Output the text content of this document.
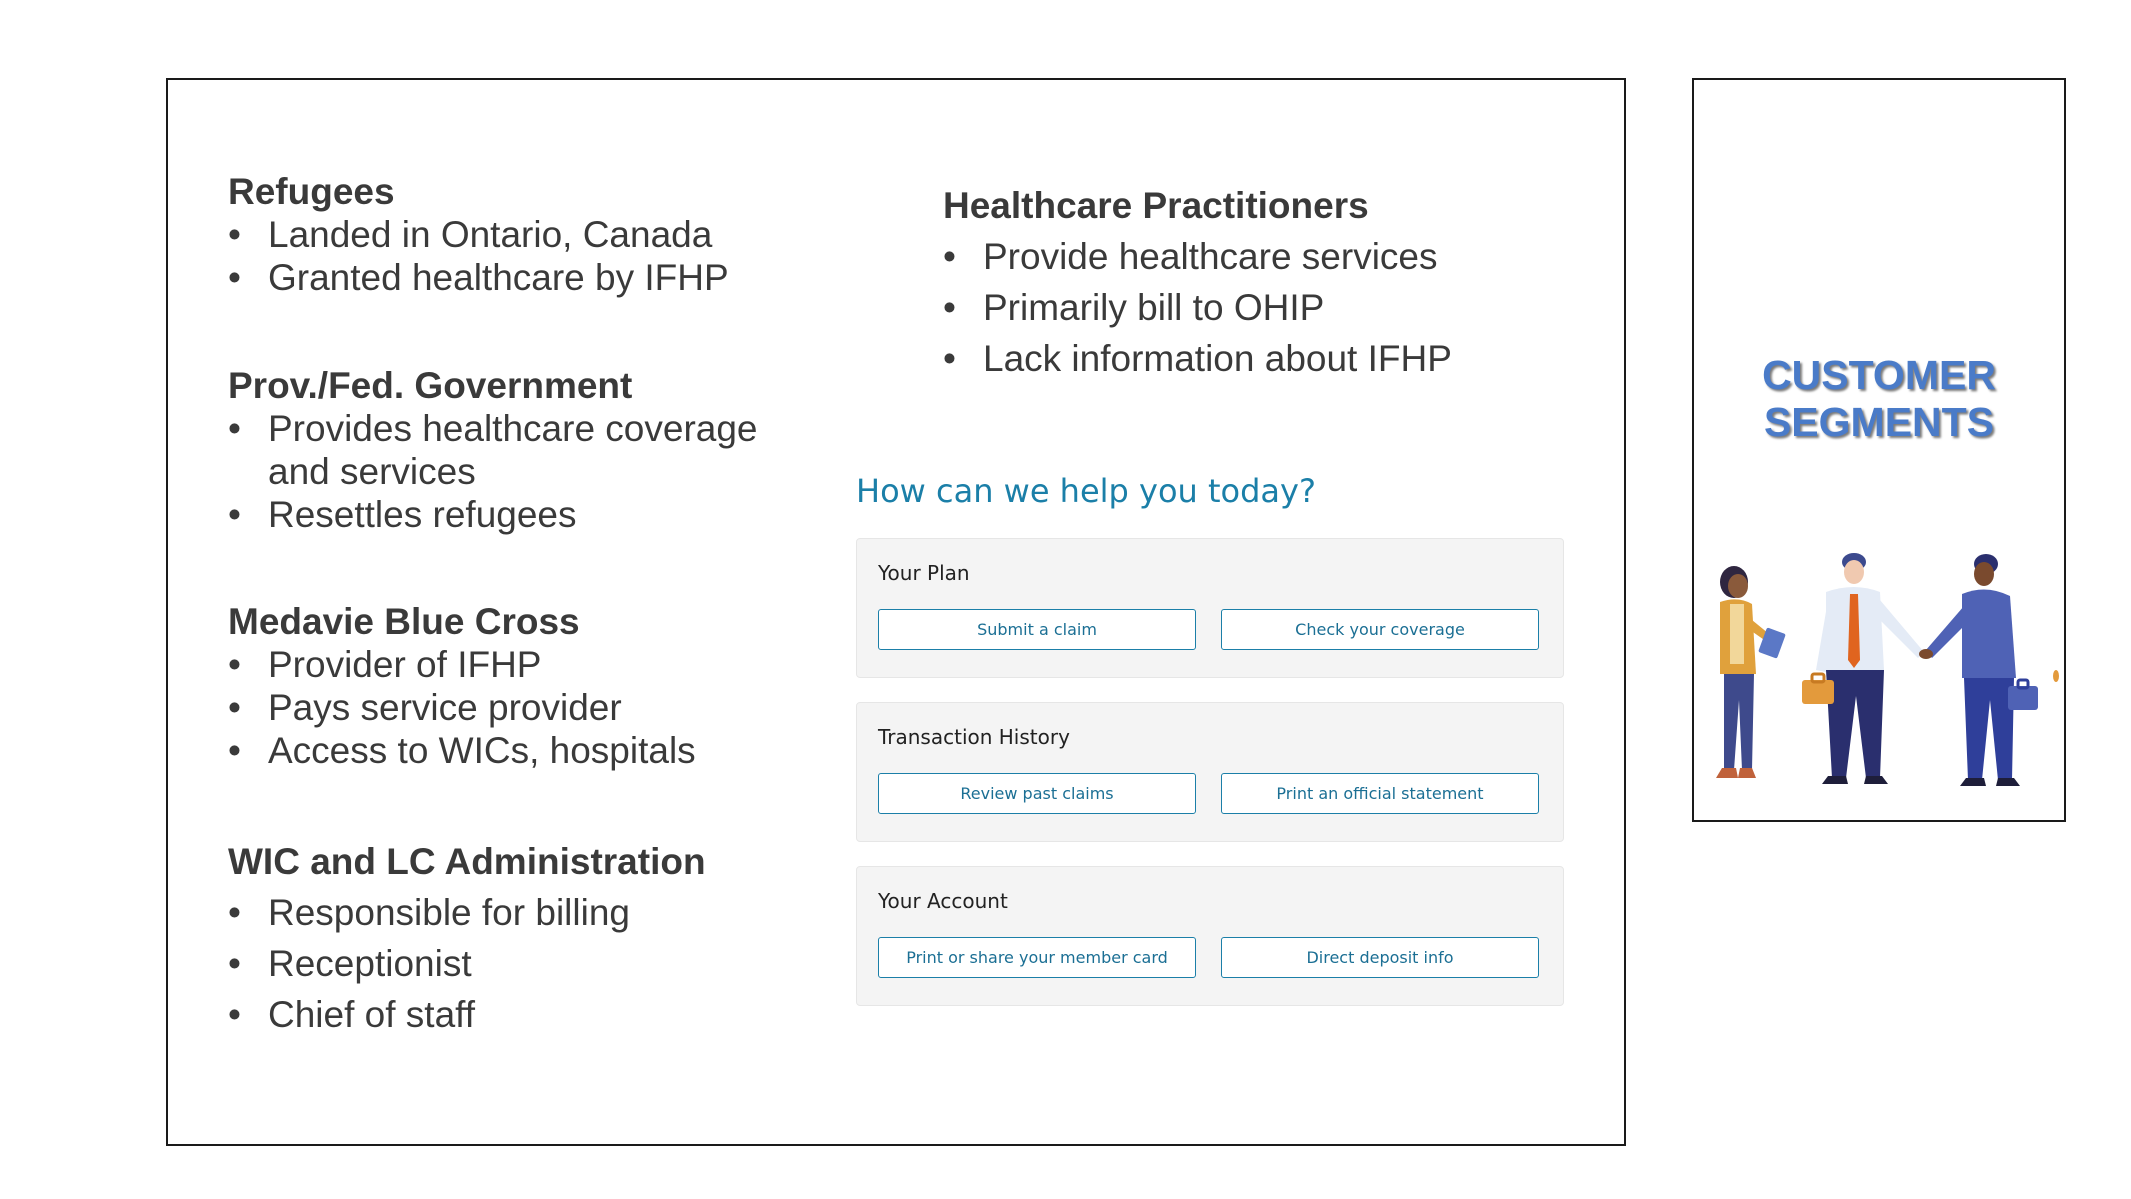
Refugees
• Landed in Ontario, Canada
• Granted healthcare by IFHP
Prov./Fed. Government
• Provides healthcare coverage and services
• Resettles refugees
Medavie Blue Cross
• Provider of IFHP
• Pays service provider
• Access to WICs, hospitals
WIC and LC Administration
• Responsible for billing
• Receptionist
• Chief of staff
Healthcare Practitioners
• Provide healthcare services
• Primarily bill to OHIP
• Lack information about IFHP
How can we help you today?
Your Plan
Submit a claim	Check your coverage
Transaction History
Review past claims	Print an official statement
Your Account
Print or share your member card	Direct deposit info
CUSTOMER
SEGMENTS
